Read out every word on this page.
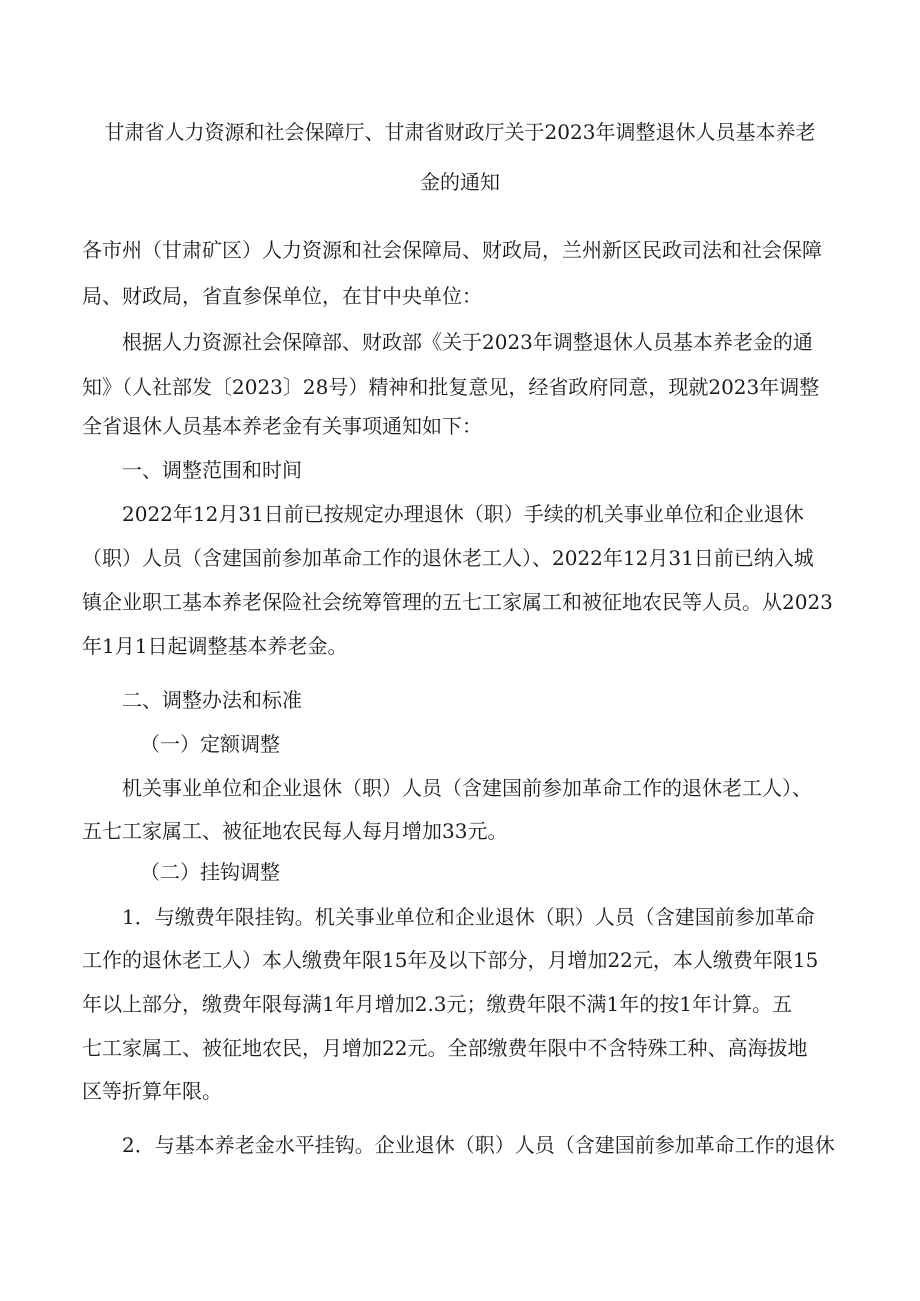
甘肃省人力资源和社会保障厅、甘肃省财政厅关于2023年调整退休人员基本养老
金的通知
各市州（甘肃矿区）人力资源和社会保障局、财政局，兰州新区民政司法和社会保障
局、财政局，省直参保单位，在甘中央单位：
根据人力资源社会保障部、财政部《关于2023年调整退休人员基本养老金的通
知》（人社部发〔2023〕28号）精神和批复意见，经省政府同意，现就2023年调整
全省退休人员基本养老金有关事项通知如下：
一、调整范围和时间
2022年12月31日前已按规定办理退休（职）手续的机关事业单位和企业退休
（职）人员（含建国前参加革命工作的退休老工人）、2022年12月31日前已纳入城
镇企业职工基本养老保险社会统筹管理的五七工家属工和被征地农民等人员。从2023
年1月1日起调整基本养老金。
二、调整办法和标准
（一）定额调整
机关事业单位和企业退休（职）人员（含建国前参加革命工作的退休老工人）、
五七工家属工、被征地农民每人每月增加33元。
（二）挂钩调整
1．与缴费年限挂钩。机关事业单位和企业退休（职）人员（含建国前参加革命
工作的退休老工人）本人缴费年限15年及以下部分，月增加22元，本人缴费年限15
年以上部分，缴费年限每满1年月增加2.3元；缴费年限不满1年的按1年计算。五
七工家属工、被征地农民，月增加22元。全部缴费年限中不含特殊工种、高海拔地
区等折算年限。
2．与基本养老金水平挂钩。企业退休（职）人员（含建国前参加革命工作的退休
